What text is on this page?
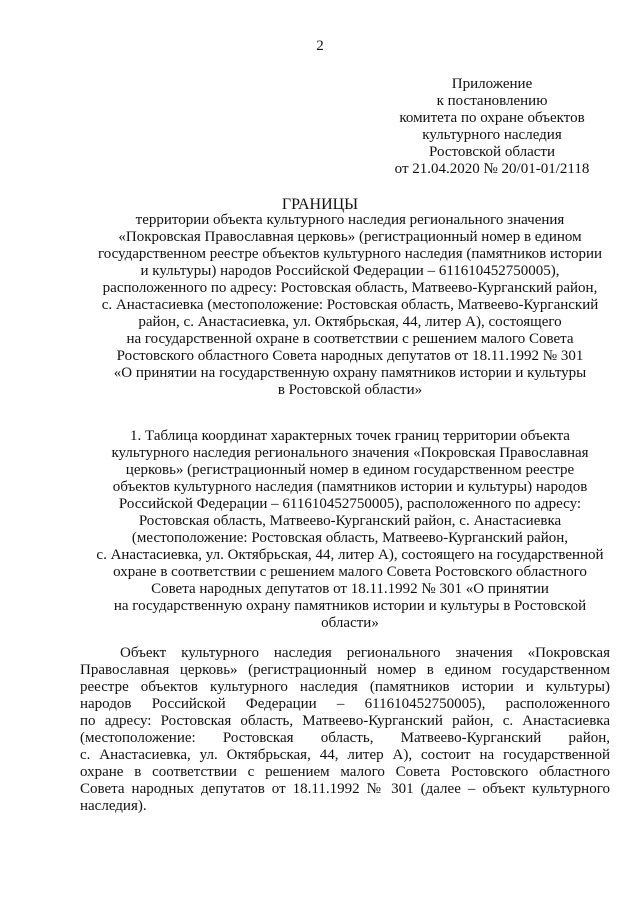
2
Приложение
к постановлению
комитета по охране объектов
культурного наследия
Ростовской области
от 21.04.2020 № 20/01-01/2118
ГРАНИЦЫ
территории объекта культурного наследия регионального значения
«Покровская Православная церковь» (регистрационный номер в едином
государственном реестре объектов культурного наследия (памятников истории
и культуры) народов Российской Федерации – 611610452750005),
расположенного по адресу: Ростовская область, Матвеево-Курганский район,
с. Анастасиевка (местоположение: Ростовская область, Матвеево-Курганский
район, с. Анастасиевка, ул. Октябрьская, 44, литер А), состоящего
на государственной охране в соответствии с решением малого Совета
Ростовского областного Совета народных депутатов от 18.11.1992 № 301
«О принятии на государственную охрану памятников истории и культуры
в Ростовской области»
1. Таблица координат характерных точек границ территории объекта
культурного наследия регионального значения «Покровская Православная
церковь» (регистрационный номер в едином государственном реестре
объектов культурного наследия (памятников истории и культуры) народов
Российской Федерации – 611610452750005), расположенного по адресу:
Ростовская область, Матвеево-Курганский район, с. Анастасиевка
(местоположение: Ростовская область, Матвеево-Курганский район,
с. Анастасиевка, ул. Октябрьская, 44, литер А), состоящего на государственной
охране в соответствии с решением малого Совета Ростовского областного
Совета народных депутатов от 18.11.1992 № 301 «О принятии
на государственную охрану памятников истории и культуры в Ростовской
области»
Объект культурного наследия регионального значения «Покровская
Православная церковь» (регистрационный номер в едином государственном
реестре объектов культурного наследия (памятников истории и культуры)
народов Российской Федерации – 611610452750005), расположенного
по адресу: Ростовская область, Матвеево-Курганский район, с. Анастасиевка
(местоположение: Ростовская область, Матвеево-Курганский район,
с. Анастасиевка, ул. Октябрьская, 44, литер А), состоит на государственной
охране в соответствии с решением малого Совета Ростовского областного
Совета народных депутатов от 18.11.1992 № 301 (далее – объект культурного
наследия).
